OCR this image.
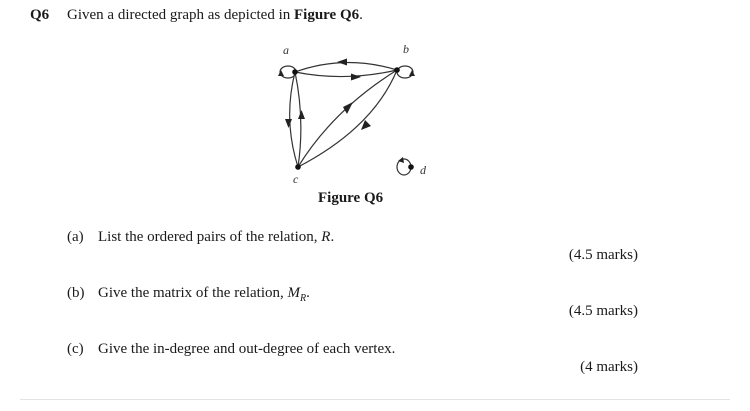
Q6 Given a directed graph as depicted in Figure Q6.
a	b
c
d
Figure Q6
(a) List the ordered pairs of the relation, R.
(4.5 marks)
(b) Give the matrix of the relation, $M_R$.
(4.5 marks)
(c) Give the in-degree and out-degree of each vertex.
(4 marks)
